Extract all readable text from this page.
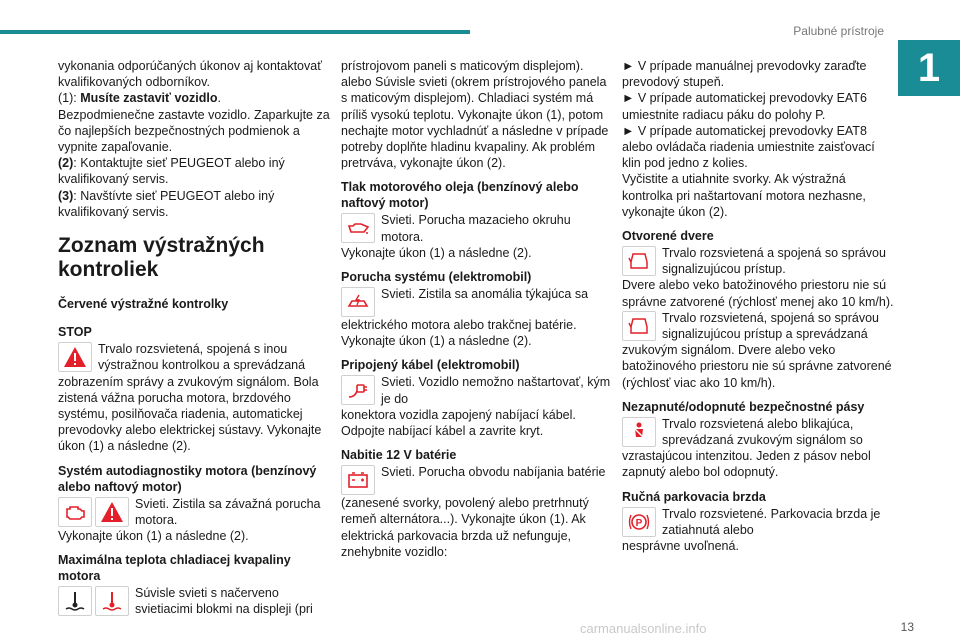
Palubné prístroje
1

vykonania odporúčaných úkonov aj kontaktovať kvalifikovaných odborníkov.

(1): Musíte zastaviť vozidlo.

Bezpodmienečne zastavte vozidlo. Zaparkujte za čo najlepších bezpečnostných podmienok a vypnite zapaľovanie.

(2): Kontaktujte sieť PEUGEOT alebo iný kvalifikovaný servis.

(3): Navštívte sieť PEUGEOT alebo iný kvalifikovaný servis.

Zoznam výstražných kontroliek
Červené výstražné kontrolky
STOP

Trvalo rozsvietená, spojená s inou výstražnou kontrolkou a sprevádzaná

zobrazením správy a zvukovým signálom. Bola zistená vážna porucha motora, brzdového systému, posilňovača riadenia, automatickej prevodovky alebo elektrickej sústavy. Vykonajte úkon (1) a následne (2).

Systém autodiagnostiky motora (benzínový alebo naftový motor)

Svieti. Zistila sa závažná porucha motora.

Vykonajte úkon (1) a následne (2).

Maximálna teplota chladiacej kvapaliny motora

Súvisle svieti s načerveno svietiacimi blokmi na displeji (pri

prístrojovom paneli s maticovým displejom). alebo Súvisle svieti (okrem prístrojového panela s maticovým displejom). Chladiaci systém má príliš vysokú teplotu. Vykonajte úkon (1), potom nechajte motor vychladnúť a následne v prípade potreby doplňte hladinu kvapaliny. Ak problém pretrváva, vykonajte úkon (2).

Tlak motorového oleja (benzínový alebo naftový motor)

Svieti. Porucha mazacieho okruhu motora.

Vykonajte úkon (1) a následne (2).

Porucha systému (elektromobil)

Svieti. Zistila sa anomália týkajúca sa

elektrického motora alebo trakčnej batérie. Vykonajte úkon (1) a následne (2).

Pripojený kábel (elektromobil)

Svieti. Vozidlo nemožno naštartovať, kým je do

konektora vozidla zapojený nabíjací kábel. Odpojte nabíjací kábel a zavrite kryt.

Nabitie 12 V batérie

Svieti. Porucha obvodu nabíjania batérie

(zanesené svorky, povolený alebo pretrhnutý remeň alternátora...). Vykonajte úkon (1). Ak elektrická parkovacia brzda už nefunguje, znehybnite vozidlo:

► V prípade manuálnej prevodovky zaraďte prevodový stupeň.

► V prípade automatickej prevodovky EAT6 umiestnite radiacu páku do polohy P.

► V prípade automatickej prevodovky EAT8 alebo ovládača riadenia umiestnite zaisťovací klin pod jedno z kolies.

Vyčistite a utiahnite svorky. Ak výstražná kontrolka pri naštartovaní motora nezhasne, vykonajte úkon (2).

Otvorené dvere

Trvalo rozsvietená a spojená so správou signalizujúcou prístup.

Dvere alebo veko batožinového priestoru nie sú správne zatvorené (rýchlosť menej ako 10 km/h).

Trvalo rozsvietená, spojená so správou signalizujúcou prístup a sprevádzaná

zvukovým signálom. Dvere alebo veko batožinového priestoru nie sú správne zatvorené (rýchlosť viac ako 10 km/h).

Nezapnuté/odopnuté bezpečnostné pásy

Trvalo rozsvietená alebo blikajúca, sprevádzaná zvukovým signálom so

vzrastajúcou intenzitou. Jeden z pásov nebol zapnutý alebo bol odopnutý.

Ručná parkovacia brzda
P

Trvalo rozsvietené. Parkovacia brzda je zatiahnutá alebo

nesprávne uvoľnená.

carmanualsonline.info	13
